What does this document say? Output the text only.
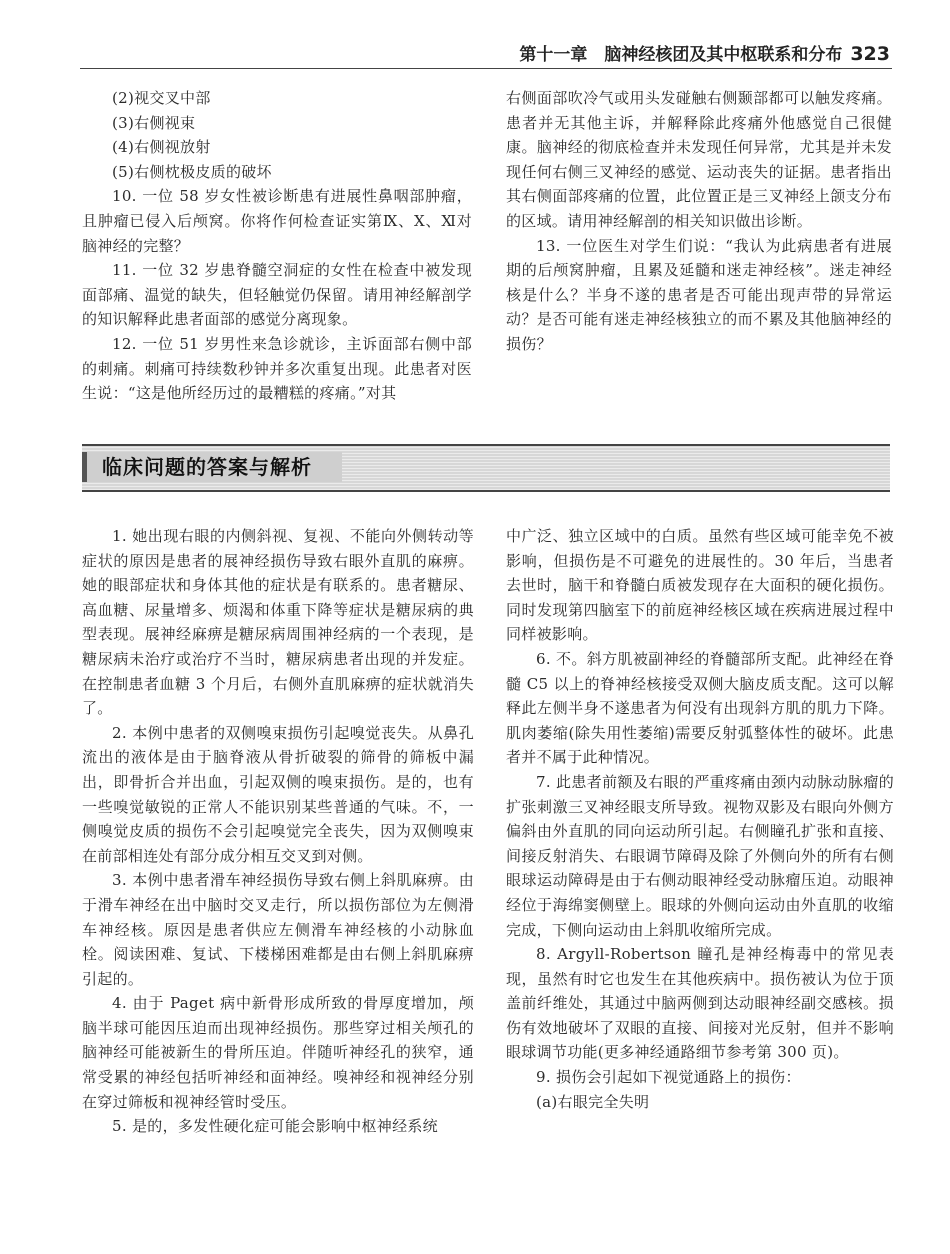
第十一章　脑神经核团及其中枢联系和分布 323

(2)视交叉中部

(3)右侧视束

(4)右侧视放射

(5)右侧枕极皮质的破坏

10. 一位 58 岁女性被诊断患有进展性鼻咽部肿瘤，且肿瘤已侵入后颅窝。你将作何检查证实第Ⅸ、Ⅹ、Ⅺ对脑神经的完整？

11. 一位 32 岁患脊髓空洞症的女性在检查中被发现面部痛、温觉的缺失，但轻触觉仍保留。请用神经解剖学的知识解释此患者面部的感觉分离现象。

12. 一位 51 岁男性来急诊就诊，主诉面部右侧中部的刺痛。刺痛可持续数秒钟并多次重复出现。此患者对医生说：“这是他所经历过的最糟糕的疼痛。”对其

右侧面部吹冷气或用头发碰触右侧颞部都可以触发疼痛。患者并无其他主诉，并解释除此疼痛外他感觉自己很健康。脑神经的彻底检查并未发现任何异常，尤其是并未发现任何右侧三叉神经的感觉、运动丧失的证据。患者指出其右侧面部疼痛的位置，此位置正是三叉神经上颌支分布的区域。请用神经解剖的相关知识做出诊断。

13. 一位医生对学生们说：“我认为此病患者有进展期的后颅窝肿瘤，且累及延髓和迷走神经核”。迷走神经核是什么？半身不遂的患者是否可能出现声带的异常运动？是否可能有迷走神经核独立的而不累及其他脑神经的损伤？

临床问题的答案与解析

1. 她出现右眼的内侧斜视、复视、不能向外侧转动等症状的原因是患者的展神经损伤导致右眼外直肌的麻痹。她的眼部症状和身体其他的症状是有联系的。患者糖尿、高血糖、尿量增多、烦渴和体重下降等症状是糖尿病的典型表现。展神经麻痹是糖尿病周围神经病的一个表现，是糖尿病未治疗或治疗不当时，糖尿病患者出现的并发症。在控制患者血糖 3 个月后，右侧外直肌麻痹的症状就消失了。

2. 本例中患者的双侧嗅束损伤引起嗅觉丧失。从鼻孔流出的液体是由于脑脊液从骨折破裂的筛骨的筛板中漏出，即骨折合并出血，引起双侧的嗅束损伤。是的，也有一些嗅觉敏锐的正常人不能识别某些普通的气味。不，一侧嗅觉皮质的损伤不会引起嗅觉完全丧失，因为双侧嗅束在前部相连处有部分成分相互交叉到对侧。

3. 本例中患者滑车神经损伤导致右侧上斜肌麻痹。由于滑车神经在出中脑时交叉走行，所以损伤部位为左侧滑车神经核。原因是患者供应左侧滑车神经核的小动脉血栓。阅读困难、复试、下楼梯困难都是由右侧上斜肌麻痹引起的。

4. 由于 Paget 病中新骨形成所致的骨厚度增加，颅脑半球可能因压迫而出现神经损伤。那些穿过相关颅孔的脑神经可能被新生的骨所压迫。伴随听神经孔的狭窄，通常受累的神经包括听神经和面神经。嗅神经和视神经分别在穿过筛板和视神经管时受压。

5. 是的，多发性硬化症可能会影响中枢神经系统

中广泛、独立区域中的白质。虽然有些区域可能幸免不被影响，但损伤是不可避免的进展性的。30 年后，当患者去世时，脑干和脊髓白质被发现存在大面积的硬化损伤。同时发现第四脑室下的前庭神经核区域在疾病进展过程中同样被影响。

6. 不。斜方肌被副神经的脊髓部所支配。此神经在脊髓 C5 以上的脊神经核接受双侧大脑皮质支配。这可以解释此左侧半身不遂患者为何没有出现斜方肌的肌力下降。肌肉萎缩(除失用性萎缩)需要反射弧整体性的破坏。此患者并不属于此种情况。

7. 此患者前额及右眼的严重疼痛由颈内动脉动脉瘤的扩张刺激三叉神经眼支所导致。视物双影及右眼向外侧方偏斜由外直肌的同向运动所引起。右侧瞳孔扩张和直接、间接反射消失、右眼调节障碍及除了外侧向外的所有右侧眼球运动障碍是由于右侧动眼神经受动脉瘤压迫。动眼神经位于海绵窦侧壁上。眼球的外侧向运动由外直肌的收缩完成，下侧向运动由上斜肌收缩所完成。

8. Argyll-Robertson 瞳孔是神经梅毒中的常见表现，虽然有时它也发生在其他疾病中。损伤被认为位于顶盖前纤维处，其通过中脑两侧到达动眼神经副交感核。损伤有效地破坏了双眼的直接、间接对光反射，但并不影响眼球调节功能(更多神经通路细节参考第 300 页)。

9. 损伤会引起如下视觉通路上的损伤：

(a)右眼完全失明
